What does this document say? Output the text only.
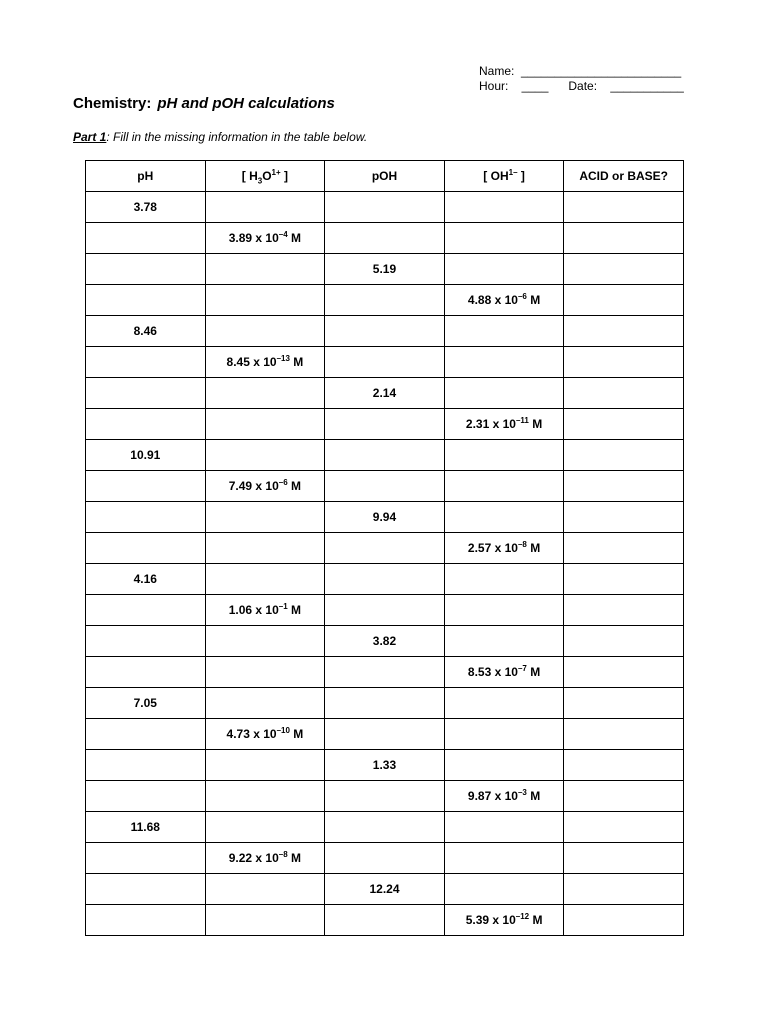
Name:  ________________________
Hour:    ____      Date:    ___________
Chemistry: pH and pOH calculations
Part 1: Fill in the missing information in the table below.
pH	[ $H_3O^{1+}$ ]	pOH	[ $OH^{1-}$ ]	ACID or BASE?
3.78				
	3.89 x $10^{-4}$ M			
		5.19		
			4.88 x $10^{-6}$ M	
8.46				
	8.45 x $10^{-13}$ M			
		2.14		
			2.31 x $10^{-11}$ M	
10.91				
	7.49 x $10^{-6}$ M			
		9.94		
			2.57 x $10^{-8}$ M	
4.16				
	1.06 x $10^{-1}$ M			
		3.82		
			8.53 x $10^{-7}$ M	
7.05				
	4.73 x $10^{-10}$ M			
		1.33		
			9.87 x $10^{-3}$ M	
11.68				
	9.22 x $10^{-8}$ M			
		12.24		
			5.39 x $10^{-12}$ M	
